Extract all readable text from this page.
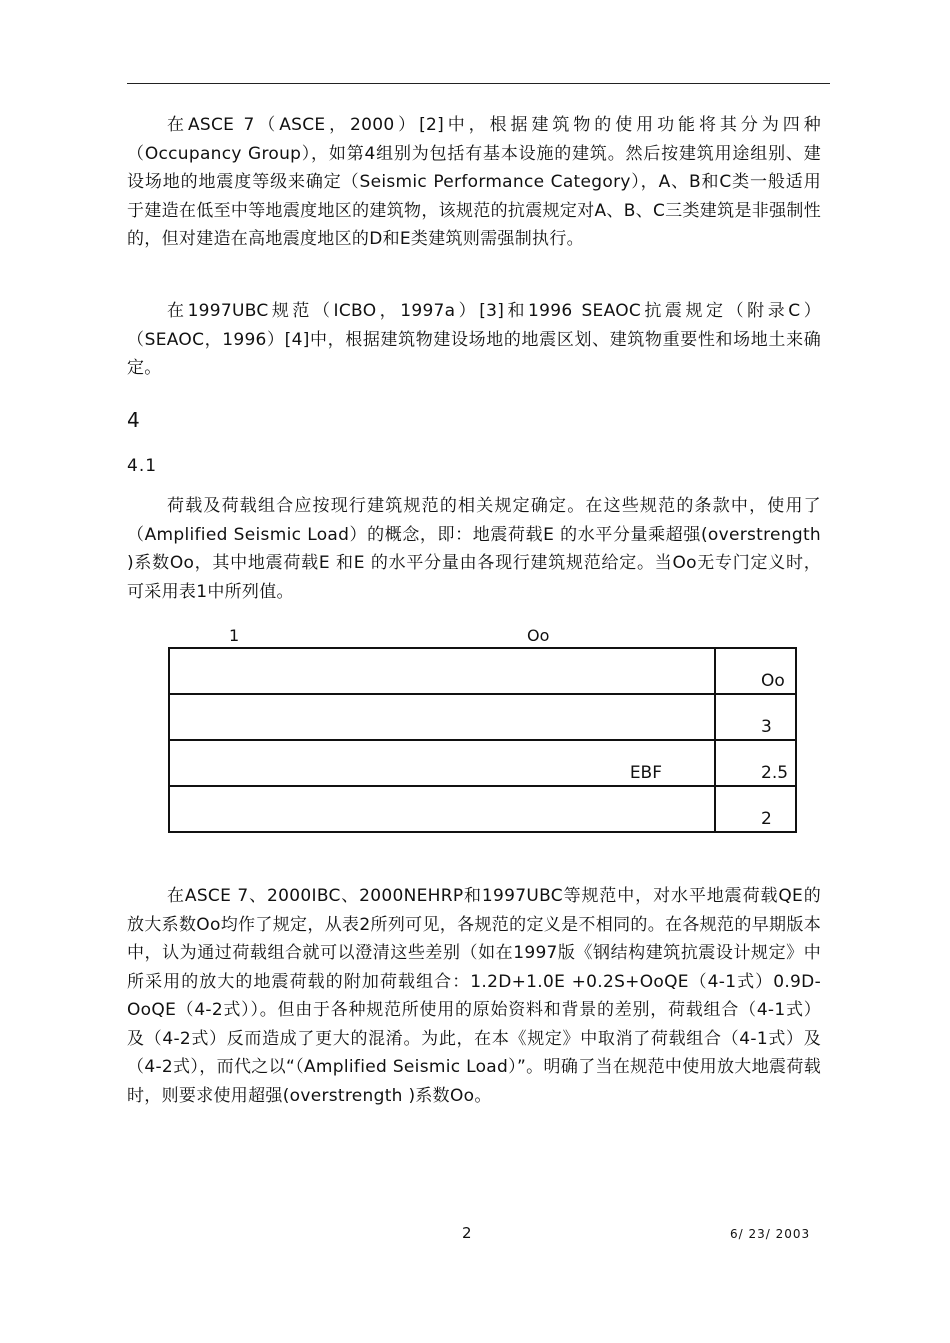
在ASCE 7（ASCE，2000）[2]中，根据建筑物的使用功能将其分为四种（Occupancy Group），如第4组别为包括有基本设施的建筑。然后按建筑用途组别、建设场地的地震度等级来确定（Seismic Performance Category），A、B和C类一般适用于建造在低至中等地震度地区的建筑物，该规范的抗震规定对A、B、C三类建筑是非强制性的，但对建造在高地震度地区的D和E类建筑则需强制执行。
在1997UBC规范（ICBO，1997a）[3]和1996 SEAOC抗震规定（附录C）（SEAOC，1996）[4]中，根据建筑物建设场地的地震区划、建筑物重要性和场地土来确定。
4
4.1
荷载及荷载组合应按现行建筑规范的相关规定确定。在这些规范的条款中，使用了（Amplified Seismic Load）的概念，即：地震荷载E 的水平分量乘超强(overstrength )系数Oo，其中地震荷载E 和E 的水平分量由各现行建筑规范给定。当Oo无专门定义时，可采用表1中所列值。
1	Oo
	Oo
	3
EBF	2.5
	2
在ASCE 7、2000IBC、2000NEHRP和1997UBC等规范中，对水平地震荷载QE的放大系数Oo均作了规定，从表2所列可见，各规范的定义是不相同的。在各规范的早期版本中，认为通过荷载组合就可以澄清这些差别（如在1997版《钢结构建筑抗震设计规定》中所采用的放大的地震荷载的附加荷载组合：1.2D+1.0E +0.2S+OoQE（4-1式）0.9D-OoQE（4-2式））。但由于各种规范所使用的原始资料和背景的差别，荷载组合（4-1式）及（4-2式）反而造成了更大的混淆。为此，在本《规定》中取消了荷载组合（4-1式）及（4-2式），而代之以“（Amplified Seismic Load）”。明确了当在规范中使用放大地震荷载时，则要求使用超强(overstrength )系数Oo。
2	6/ 23/ 2003
